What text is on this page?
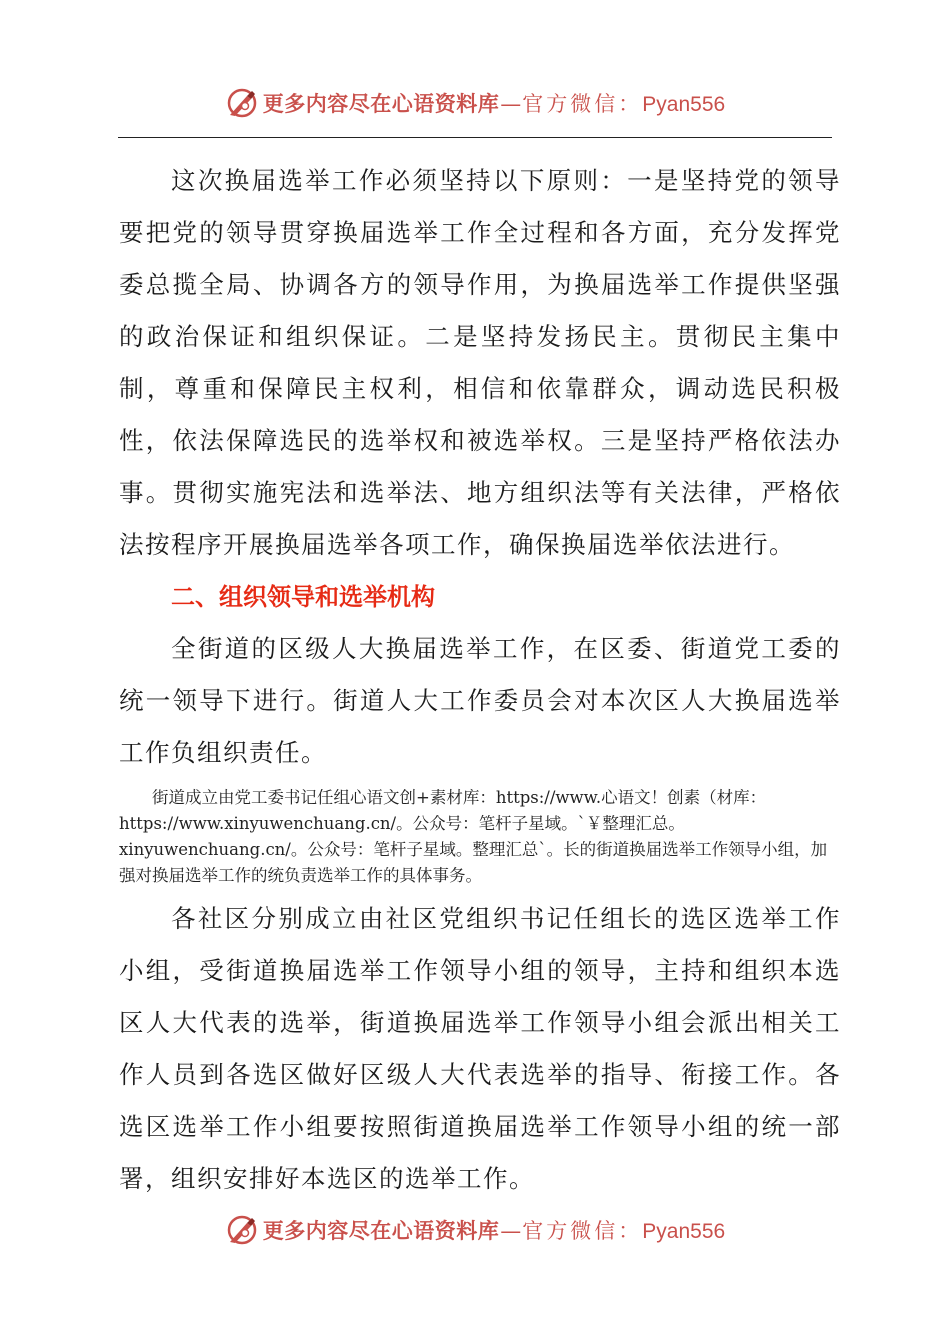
更多内容尽在心语资料库 — 官方微信： Pyan556

这次换届选举工作必须坚持以下原则：一是坚持党的领导要把党的领导贯穿换届选举工作全过程和各方面，充分发挥党委总揽全局、协调各方的领导作用，为换届选举工作提供坚强的政治保证和组织保证。二是坚持发扬民主。贯彻民主集中制，尊重和保障民主权利，相信和依靠群众，调动选民积极性，依法保障选民的选举权和被选举权。三是坚持严格依法办事。贯彻实施宪法和选举法、地方组织法等有关法律，严格依法按程序开展换届选举各项工作，确保换届选举依法进行。

二、组织领导和选举机构

全街道的区级人大换届选举工作，在区委、街道党工委的统一领导下进行。街道人大工作委员会对本次区人大换届选举工作负组织责任。

街道成立由党工委书记任组心语文创+素材库：https://www.心语文！创素（材库：https://www.xinyuwenchuang.cn/。公众号：笔杆子星域。`￥整理汇总。xinyuwenchuang.cn/。公众号：笔杆子星域。整理汇总`。长的街道换届选举工作领导小组，加强对换届选举工作的统负责选举工作的具体事务。

各社区分别成立由社区党组织书记任组长的选区选举工作小组，受街道换届选举工作领导小组的领导，主持和组织本选区人大代表的选举，街道换届选举工作领导小组会派出相关工作人员到各选区做好区级人大代表选举的指导、衔接工作。各选区选举工作小组要按照街道换届选举工作领导小组的统一部署，组织安排好本选区的选举工作。

更多内容尽在心语资料库 — 官方微信： Pyan556
